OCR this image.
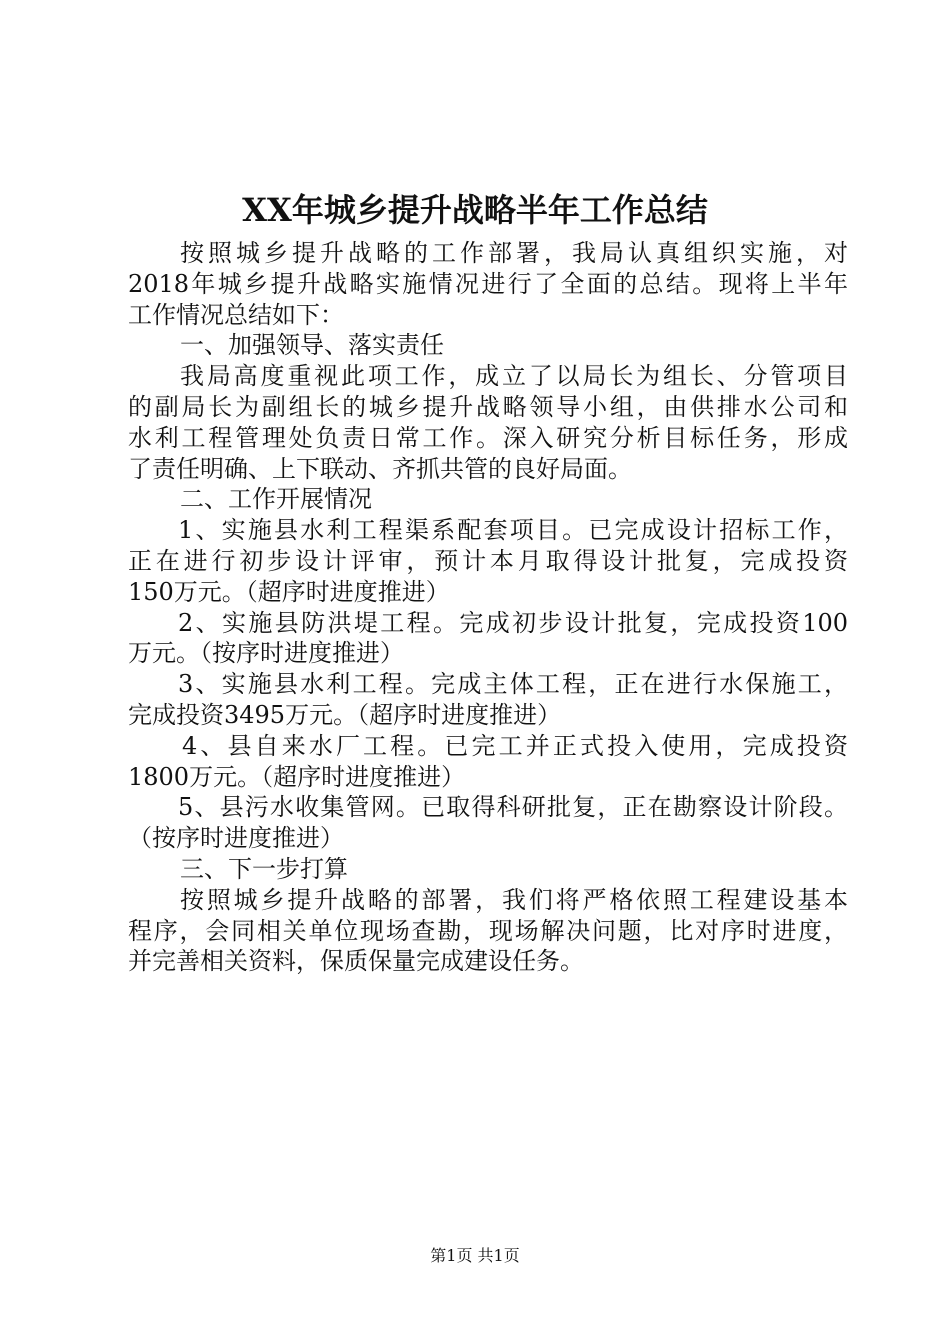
XX年城乡提升战略半年工作总结
按照城乡提升战略的工作部署，我局认真组织实施，对
2018年城乡提升战略实施情况进行了全面的总结。现将上半年
工作情况总结如下：
一、加强领导、落实责任
我局高度重视此项工作，成立了以局长为组长、分管项目
的副局长为副组长的城乡提升战略领导小组，由供排水公司和
水利工程管理处负责日常工作。深入研究分析目标任务，形成
了责任明确、上下联动、齐抓共管的良好局面。
二、工作开展情况
1、实施县水利工程渠系配套项目。已完成设计招标工作，
正在进行初步设计评审，预计本月取得设计批复，完成投资
150万元。（超序时进度推进）
2、实施县防洪堤工程。完成初步设计批复，完成投资100
万元。（按序时进度推进）
3、实施县水利工程。完成主体工程，正在进行水保施工，
完成投资3495万元。（超序时进度推进）
4、县自来水厂工程。已完工并正式投入使用，完成投资
1800万元。（超序时进度推进）
5、县污水收集管网。已取得科研批复，正在勘察设计阶段。
（按序时进度推进）
三、下一步打算
按照城乡提升战略的部署，我们将严格依照工程建设基本
程序，会同相关单位现场查勘，现场解决问题，比对序时进度，
并完善相关资料，保质保量完成建设任务。
第1页 共1页
